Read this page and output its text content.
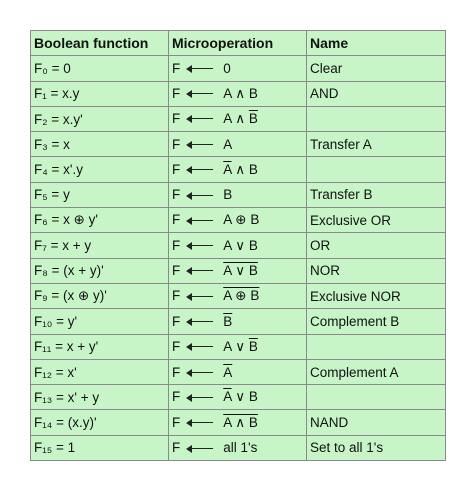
Boolean function	Microoperation	Name
F₀ = 0	F 0	Clear
F₁ = x.y	F A ∧ B	AND
F₂ = x.y'	F A ∧ $\overline{B}$	
F₃ = x	F A	Transfer A
F₄ = x'.y	F $\overline{A}$ ∧ B	
F₅ = y	F B	Transfer B
F₆ = x ⊕ y'	F A ⊕ B	Exclusive OR
F₇ = x + y	F A ∨ B	OR
F₈ = (x + y)'	F A ∨ B	NOR
F₉ = (x ⊕ y)'	F A ⊕ B	Exclusive NOR
F₁₀ = y'	F $\overline{B}$	Complement B
F₁₁ = x + y'	F A ∨ $\overline{B}$	
F₁₂ = x'	F $\overline{A}$	Complement A
F₁₃ = x' + y	F $\overline{A}$ ∨ B	
F₁₄ = (x.y)'	F A ∧ B	NAND
F₁₅ = 1	F all 1's	Set to all 1's
